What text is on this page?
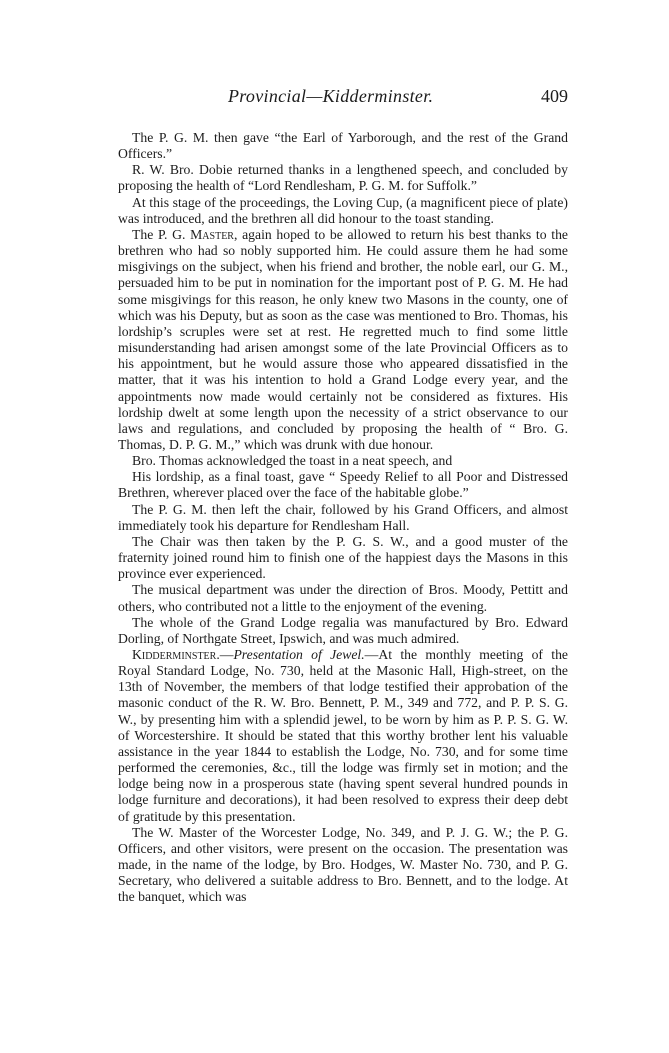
Provincial—Kidderminster.	409

The P. G. M. then gave “the Earl of Yarborough, and the rest of the Grand Officers.”

R. W. Bro. Dobie returned thanks in a lengthened speech, and concluded by proposing the health of “Lord Rendlesham, P. G. M. for Suffolk.”

At this stage of the proceedings, the Loving Cup, (a magnificent piece of plate) was introduced, and the brethren all did honour to the toast standing.

The P. G. Master, again hoped to be allowed to return his best thanks to the brethren who had so nobly supported him. He could assure them he had some misgivings on the subject, when his friend and brother, the noble earl, our G. M., persuaded him to be put in nomination for the important post of P. G. M. He had some misgivings for this reason, he only knew two Masons in the county, one of which was his Deputy, but as soon as the case was mentioned to Bro. Thomas, his lordship’s scruples were set at rest. He regretted much to find some little misunderstanding had arisen amongst some of the late Provincial Officers as to his appointment, but he would assure those who appeared dissatisfied in the matter, that it was his intention to hold a Grand Lodge every year, and the appointments now made would certainly not be considered as fixtures. His lordship dwelt at some length upon the necessity of a strict observance to our laws and regulations, and concluded by proposing the health of “ Bro. G. Thomas, D. P. G. M.,” which was drunk with due honour.

Bro. Thomas acknowledged the toast in a neat speech, and

His lordship, as a final toast, gave “ Speedy Relief to all Poor and Distressed Brethren, wherever placed over the face of the habitable globe.”

The P. G. M. then left the chair, followed by his Grand Officers, and almost immediately took his departure for Rendlesham Hall.

The Chair was then taken by the P. G. S. W., and a good muster of the fraternity joined round him to finish one of the happiest days the Masons in this province ever experienced.

The musical department was under the direction of Bros. Moody, Pettitt and others, who contributed not a little to the enjoyment of the evening.

The whole of the Grand Lodge regalia was manufactured by Bro. Edward Dorling, of Northgate Street, Ipswich, and was much admired.

Kidderminster.—Presentation of Jewel.—At the monthly meeting of the Royal Standard Lodge, No. 730, held at the Masonic Hall, High-street, on the 13th of November, the members of that lodge testified their approbation of the masonic conduct of the R. W. Bro. Bennett, P. M., 349 and 772, and P. P. S. G. W., by presenting him with a splendid jewel, to be worn by him as P. P. S. G. W. of Worcestershire. It should be stated that this worthy brother lent his valuable assistance in the year 1844 to establish the Lodge, No. 730, and for some time performed the ceremonies, &c., till the lodge was firmly set in motion; and the lodge being now in a prosperous state (having spent several hundred pounds in lodge furniture and decorations), it had been resolved to express their deep debt of gratitude by this presentation.

The W. Master of the Worcester Lodge, No. 349, and P. J. G. W.; the P. G. Officers, and other visitors, were present on the occasion. The presentation was made, in the name of the lodge, by Bro. Hodges, W. Master No. 730, and P. G. Secretary, who delivered a suitable address to Bro. Bennett, and to the lodge. At the banquet, which was
